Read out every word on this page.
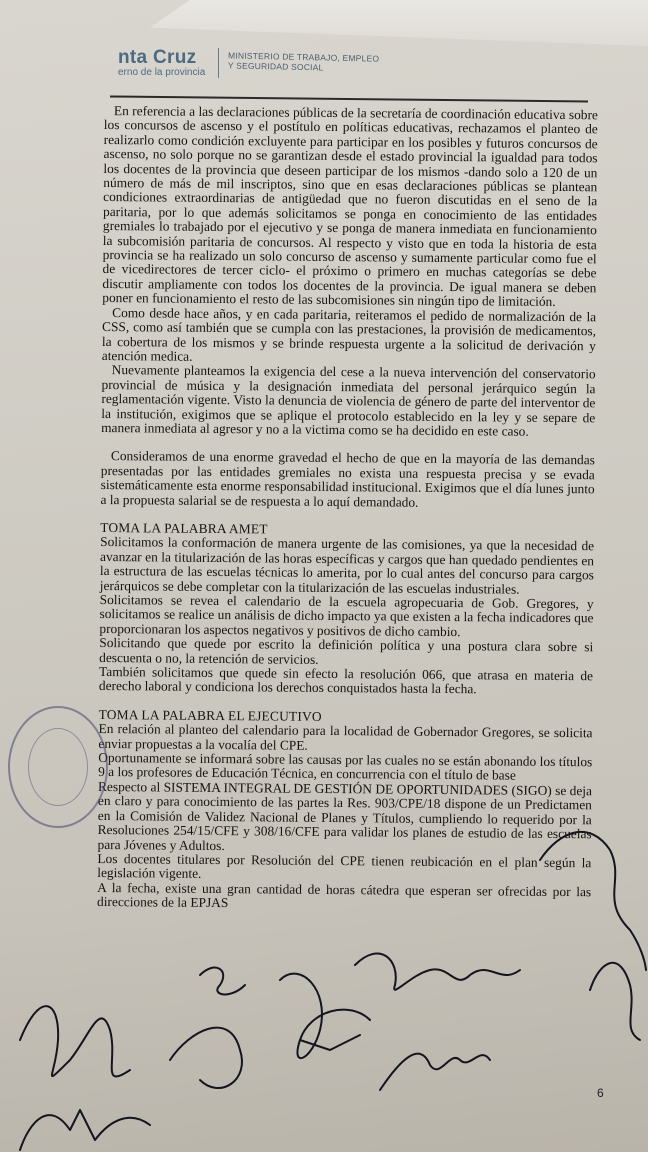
nta Cruz
erno de la provincia
MINISTERIO DE TRABAJO, EMPLEO
Y SEGURIDAD SOCIAL

En referencia a las declaraciones públicas de la secretaría de coordinación educativa sobre los concursos de ascenso y el postítulo en políticas educativas, rechazamos el planteo de realizarlo como condición excluyente para participar en los posibles y futuros concursos de ascenso, no solo porque no se garantizan desde el estado provincial la igualdad para todos los docentes de la provincia que deseen participar de los mismos -dando solo a 120 de un número de más de mil inscriptos, sino que en esas declaraciones públicas se plantean condiciones extraordinarias de antigüedad que no fueron discutidas en el seno de la paritaria, por lo que además solicitamos se ponga en conocimiento de las entidades gremiales lo trabajado por el ejecutivo y se ponga de manera inmediata en funcionamiento la subcomisión paritaria de concursos. Al respecto y visto que en toda la historia de esta provincia se ha realizado un solo concurso de ascenso y sumamente particular como fue el de vicedirectores de tercer ciclo- el próximo o primero en muchas categorías se debe discutir ampliamente con todos los docentes de la provincia. De igual manera se deben poner en funcionamiento el resto de las subcomisiones sin ningún tipo de limitación.

Como desde hace años, y en cada paritaria, reiteramos el pedido de normalización de la CSS, como así también que se cumpla con las prestaciones, la provisión de medicamentos, la cobertura de los mismos y se brinde respuesta urgente a la solicitud de derivación y atención medica.

Nuevamente planteamos la exigencia del cese a la nueva intervención del conservatorio provincial de música y la designación inmediata del personal jerárquico según la reglamentación vigente. Visto la denuncia de violencia de género de parte del interventor de la institución, exigimos que se aplique el protocolo establecido en la ley y se separe de manera inmediata al agresor y no a la victima como se ha decidido en este caso.

Consideramos de una enorme gravedad el hecho de que en la mayoría de las demandas presentadas por las entidades gremiales no exista una respuesta precisa y se evada sistemáticamente esta enorme responsabilidad institucional. Exigimos que el día lunes junto a la propuesta salarial se de respuesta a lo aquí demandado.

TOMA LA PALABRA AMET

Solicitamos la conformación de manera urgente de las comisiones, ya que la necesidad de avanzar en la titularización de las horas específicas y cargos que han quedado pendientes en la estructura de las escuelas técnicas lo amerita, por lo cual antes del concurso para cargos jerárquicos se debe completar con la titularización de las escuelas industriales.

Solicitamos se revea el calendario de la escuela agropecuaria de Gob. Gregores, y solicitamos se realice un análisis de dicho impacto ya que existen a la fecha indicadores que proporcionaran los aspectos negativos y positivos de dicho cambio.

Solicitando que quede por escrito la definición política y una postura clara sobre si descuenta o no, la retención de servicios.

También solicitamos que quede sin efecto la resolución 066, que atrasa en materia de derecho laboral y condiciona los derechos conquistados hasta la fecha.

TOMA LA PALABRA EL EJECUTIVO

En relación al planteo del calendario para la localidad de Gobernador Gregores, se solicita enviar propuestas a la vocalía del CPE.

Oportunamente se informará sobre las causas por las cuales no se están abonando los títulos 9 a los profesores de Educación Técnica, en concurrencia con el título de base

Respecto al SISTEMA INTEGRAL DE GESTIÓN DE OPORTUNIDADES (SIGO) se deja en claro y para conocimiento de las partes la Res. 903/CPE/18 dispone de un Predictamen en la Comisión de Validez Nacional de Planes y Títulos, cumpliendo lo requerido por la Resoluciones 254/15/CFE y 308/16/CFE para validar los planes de estudio de las escuelas para Jóvenes y Adultos.

Los docentes titulares por Resolución del CPE tienen reubicación en el plan según la legislación vigente.

A la fecha, existe una gran cantidad de horas cátedra que esperan ser ofrecidas por las direcciones de la EPJAS

6
